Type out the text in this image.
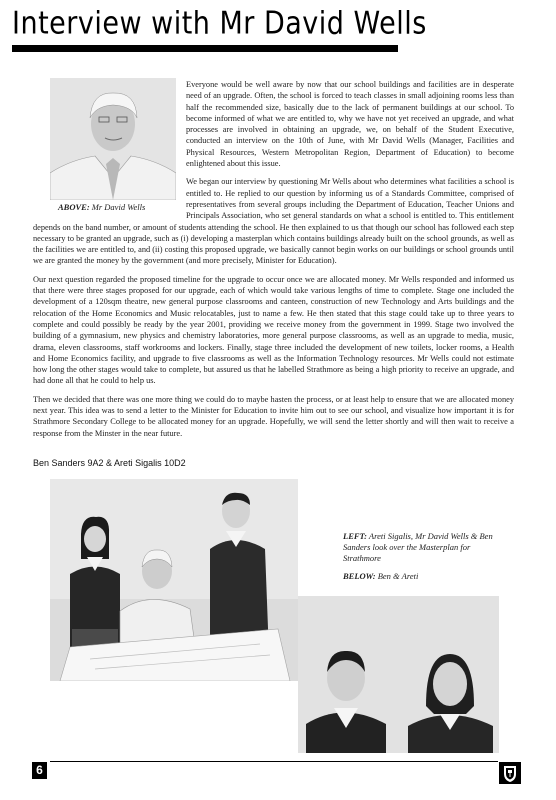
Interview with Mr David Wells
ABOVE: Mr David Wells

Everyone would be well aware by now that our school buildings and facilities are in desperate need of an upgrade. Often, the school is forced to teach classes in small adjoining rooms less than half the recommended size, basically due to the lack of permanent buildings at our school. To become informed of what we are entitled to, why we have not yet received an upgrade, and what processes are involved in obtaining an upgrade, we, on behalf of the Student Executive, conducted an interview on the 10th of June, with Mr David Wells (Manager, Facilities and Physical Resources, Western Metropolitan Region, Department of Education) to become enlightened about this issue.

We began our interview by questioning Mr Wells about who determines what facilities a school is entitled to. He replied to our question by informing us of a Standards Committee, comprised of representatives from several groups including the Department of Education, Teacher Unions and Principals Association, who set general standards on what a school is entitled to. This entitlement depends on the band number, or amount of students attending the school. He then explained to us that though our school has followed each step necessary to be granted an upgrade, such as (i) developing a masterplan which contains buildings already built on the school grounds, as well as the facilities we are entitled to, and (ii) costing this proposed upgrade, we basically cannot begin works on our buildings or school grounds until we are granted the money by the government (and more precisely, Minister for Education).

Our next question regarded the proposed timeline for the upgrade to occur once we are allocated money. Mr Wells responded and informed us that there were three stages proposed for our upgrade, each of which would take various lengths of time to complete. Stage one included the development of a 120sqm theatre, new general purpose classrooms and canteen, construction of new Technology and Arts buildings and the relocation of the Home Economics and Music relocatables, just to name a few. He then stated that this stage could take up to three years to complete and could possibly be ready by the year 2001, providing we receive money from the government in 1999. Stage two involved the building of a gymnasium, new physics and chemistry laboratories, more general purpose classrooms, as well as an upgrade to media, music, drama, eleven classrooms, staff workrooms and lockers. Finally, stage three included the development of new toilets, locker rooms, a Health and Home Economics facility, and upgrade to five classrooms as well as the Information Technology resources. Mr Wells could not estimate how long the other stages would take to complete, but assured us that he labelled Strathmore as being a high priority to receive an upgrade, and had done all that he could to help us.

Then we decided that there was one more thing we could do to maybe hasten the process, or at least help to ensure that we are allocated money next year. This idea was to send a letter to the Minister for Education to invite him out to see our school, and visualize how important it is for Strathmore Secondary College to be allocated money for an upgrade. Hopefully, we will send the letter shortly and will then wait to receive a response from the Minster in the near future.

Ben Sanders 9A2 & Areti Sigalis 10D2

LEFT: Areti Sigalis, Mr David Wells & Ben Sanders look over the Masterplan for Strathmore

BELOW: Ben & Areti

6
